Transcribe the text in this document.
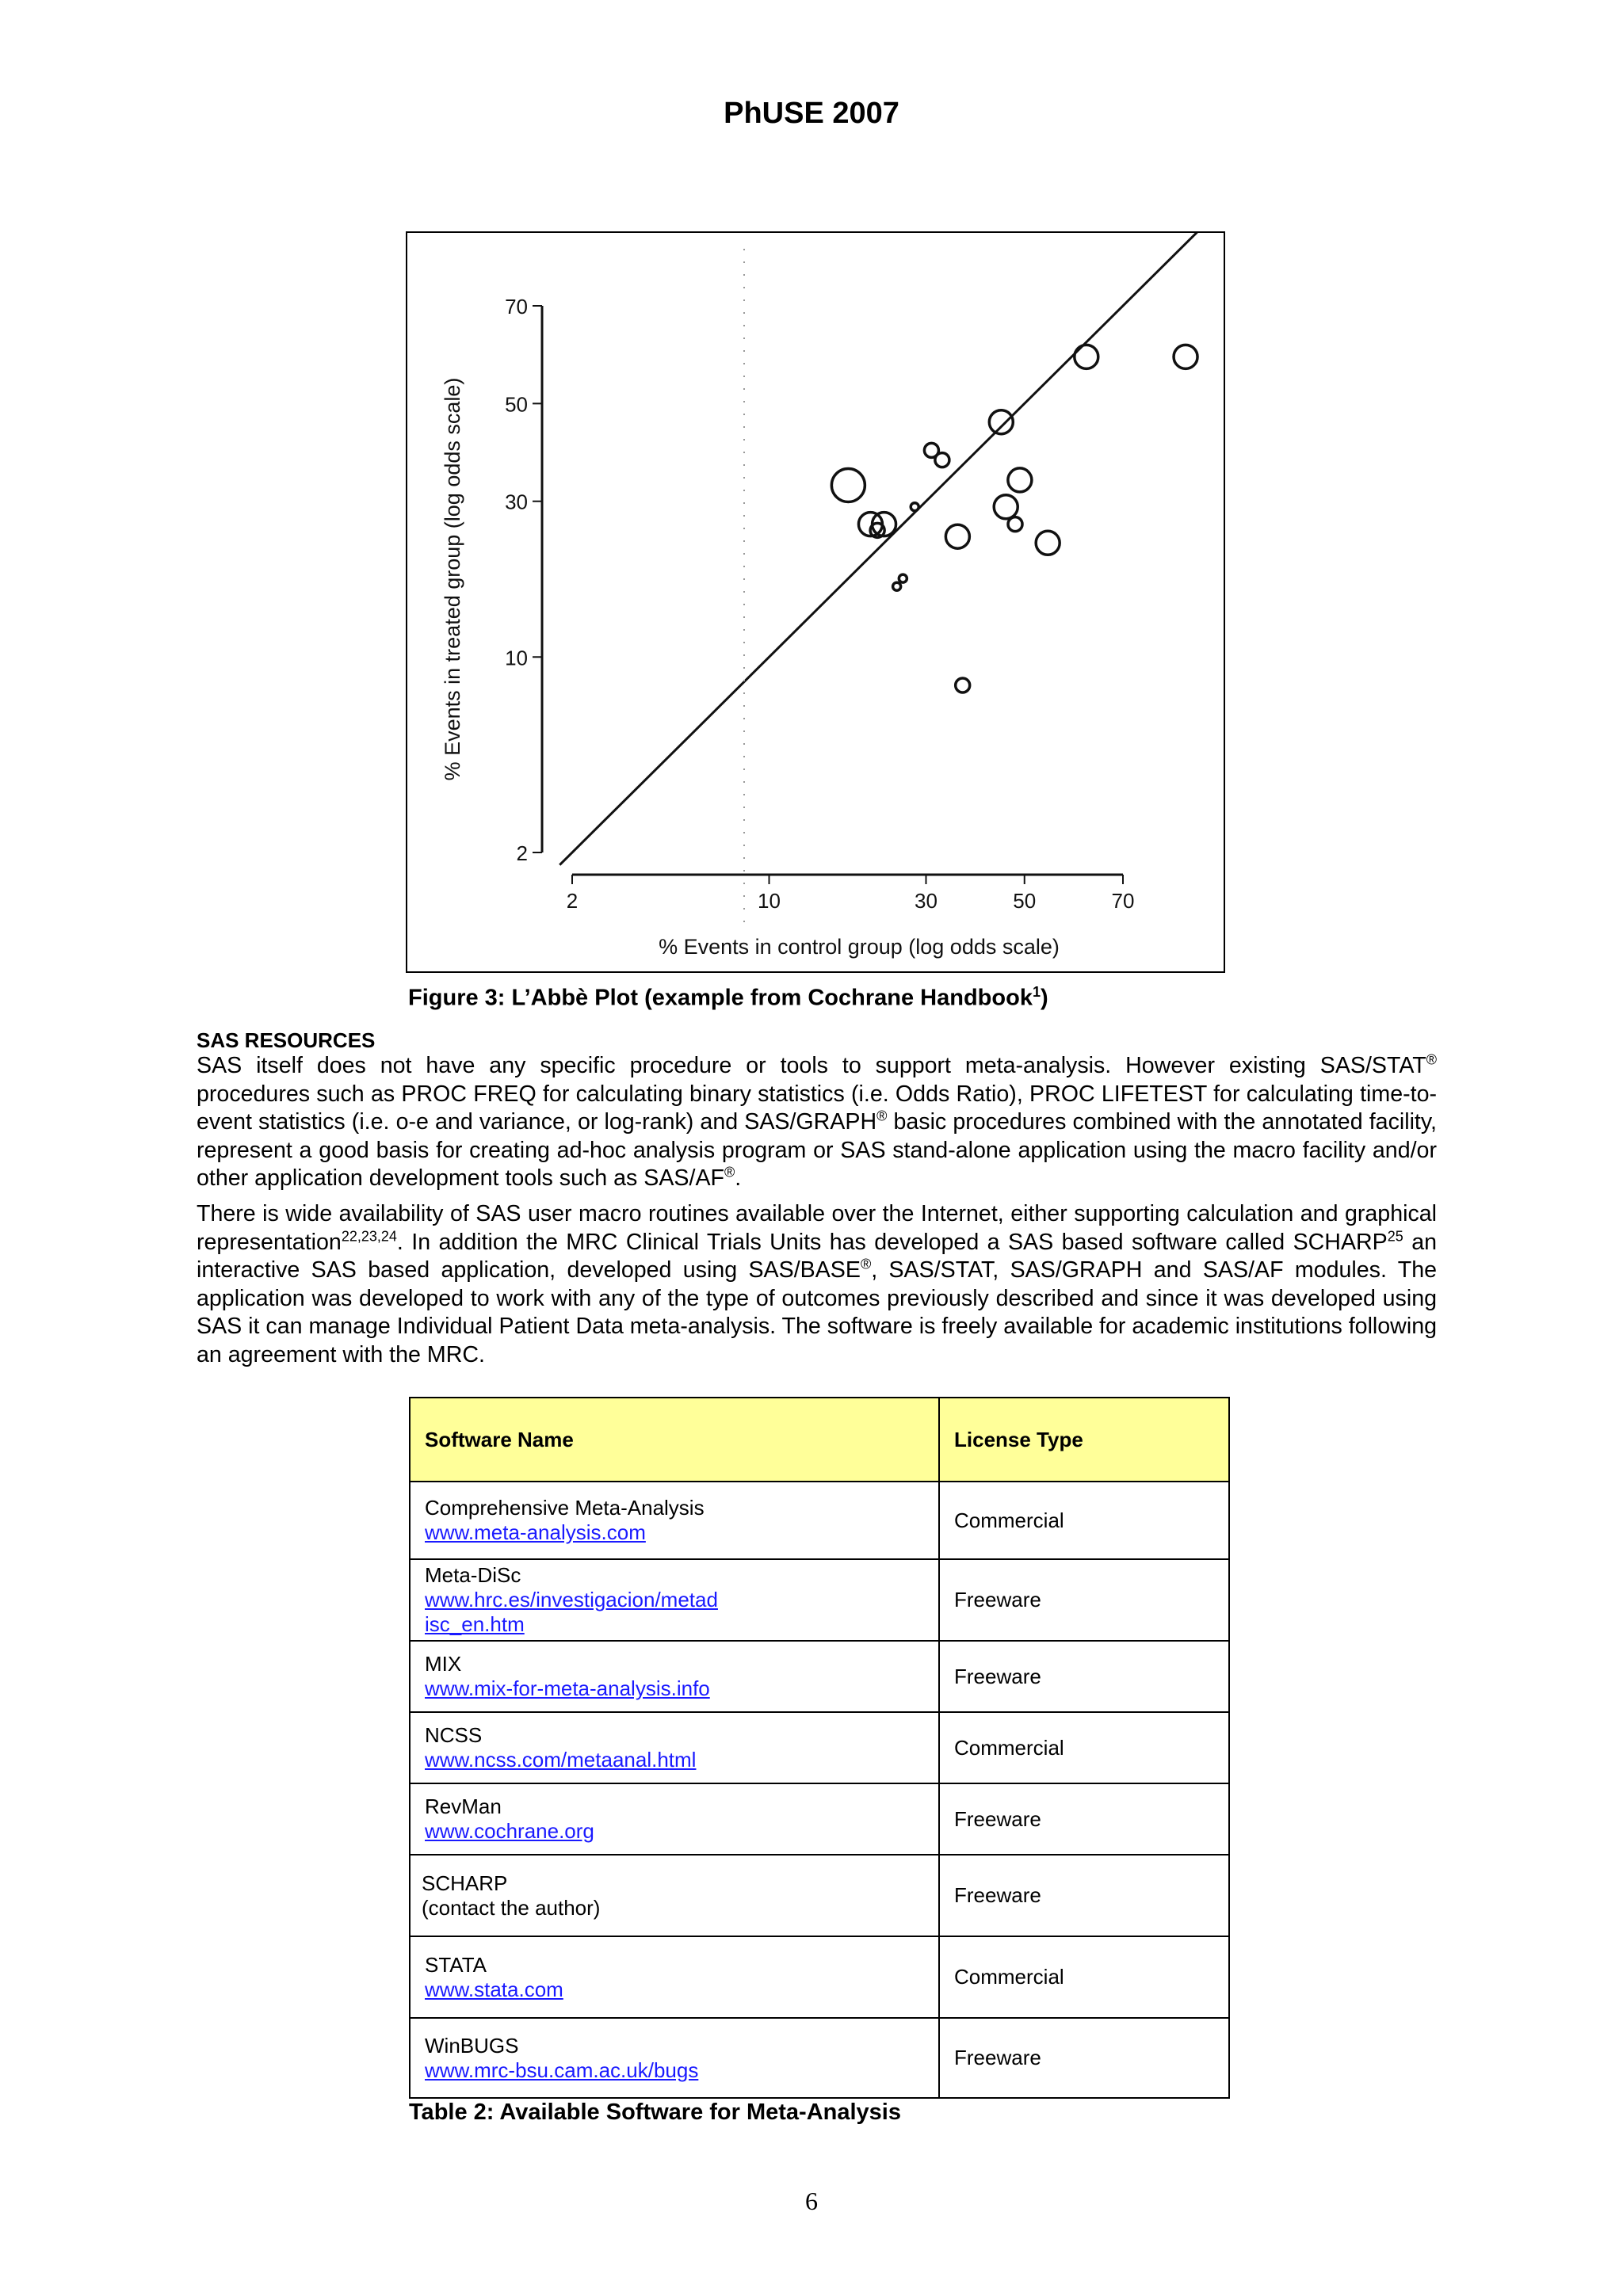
PhUSE 2007
2
10
30
50
70
2	10	30	50	70
% Events in control group (log odds scale)
% Events in treated group (log odds scale)
Figure 3: L’Abbè Plot (example from Cochrane Handbook$^1$)
SAS RESOURCES
SAS itself does not have any specific procedure or tools to support meta-analysis. However existing SAS/STAT® procedures such as PROC FREQ for calculating binary statistics (i.e. Odds Ratio), PROC LIFETEST for calculating time-to-event statistics (i.e. o-e and variance, or log-rank) and SAS/GRAPH® basic procedures combined with the annotated facility, represent a good basis for creating ad-hoc analysis program or SAS stand-alone application using the macro facility and/or other application development tools such as SAS/AF®.
There is wide availability of SAS user macro routines available over the Internet, either supporting calculation and graphical representation$^{22,23,24}$. In addition the MRC Clinical Trials Units has developed a SAS based software called SCHARP$^{25}$ an interactive SAS based application, developed using SAS/BASE®, SAS/STAT, SAS/GRAPH and SAS/AF modules. The application was developed to work with any of the type of outcomes previously described and since it was developed using SAS it can manage Individual Patient Data meta-analysis. The software is freely available for academic institutions following an agreement with the MRC.
Software Name	License Type

Comprehensive Meta-Analysis
www.meta-analysis.com	Commercial

Meta-DiSc
www.hrc.es/investigacion/metad
isc_en.htm	Freeware

MIX
www.mix-for-meta-analysis.info	Freeware

NCSS
www.ncss.com/metaanal.html	Commercial

RevMan
www.cochrane.org	Freeware

SCHARP
(contact the author)	Freeware

STATA
www.stata.com	Commercial

WinBUGS
www.mrc-bsu.cam.ac.uk/bugs	Freeware
Table 2: Available Software for Meta-Analysis
6
